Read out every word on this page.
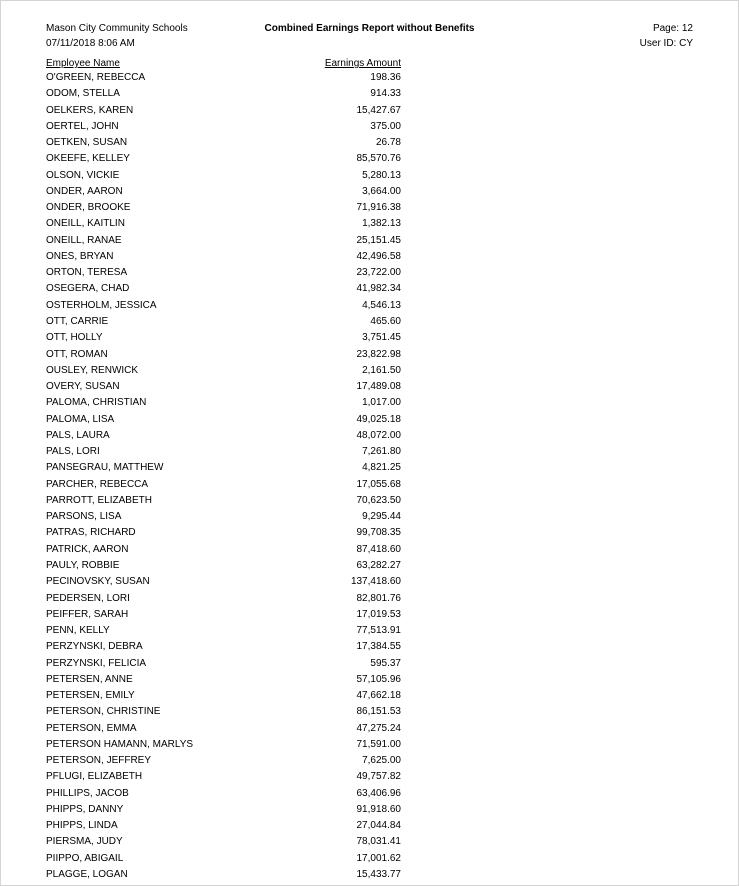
Mason City Community Schools
07/11/2018 8:06 AM
Combined Earnings Report without Benefits	Page: 12
User ID: CY
Employee Name	Earnings Amount
O'GREEN, REBECCA	198.36
ODOM, STELLA	914.33
OELKERS, KAREN	15,427.67
OERTEL, JOHN	375.00
OETKEN, SUSAN	26.78
OKEEFE, KELLEY	85,570.76
OLSON, VICKIE	5,280.13
ONDER, AARON	3,664.00
ONDER, BROOKE	71,916.38
ONEILL, KAITLIN	1,382.13
ONEILL, RANAE	25,151.45
ONES, BRYAN	42,496.58
ORTON, TERESA	23,722.00
OSEGERA, CHAD	41,982.34
OSTERHOLM, JESSICA	4,546.13
OTT, CARRIE	465.60
OTT, HOLLY	3,751.45
OTT, ROMAN	23,822.98
OUSLEY, RENWICK	2,161.50
OVERY, SUSAN	17,489.08
PALOMA, CHRISTIAN	1,017.00
PALOMA, LISA	49,025.18
PALS, LAURA	48,072.00
PALS, LORI	7,261.80
PANSEGRAU, MATTHEW	4,821.25
PARCHER, REBECCA	17,055.68
PARROTT, ELIZABETH	70,623.50
PARSONS, LISA	9,295.44
PATRAS, RICHARD	99,708.35
PATRICK, AARON	87,418.60
PAULY, ROBBIE	63,282.27
PECINOVSKY, SUSAN	137,418.60
PEDERSEN, LORI	82,801.76
PEIFFER, SARAH	17,019.53
PENN, KELLY	77,513.91
PERZYNSKI, DEBRA	17,384.55
PERZYNSKI, FELICIA	595.37
PETERSEN, ANNE	57,105.96
PETERSEN, EMILY	47,662.18
PETERSON, CHRISTINE	86,151.53
PETERSON, EMMA	47,275.24
PETERSON HAMANN, MARLYS	71,591.00
PETERSON, JEFFREY	7,625.00
PFLUGI, ELIZABETH	49,757.82
PHILLIPS, JACOB	63,406.96
PHIPPS, DANNY	91,918.60
PHIPPS, LINDA	27,044.84
PIERSMA, JUDY	78,031.41
PIIPPO, ABIGAIL	17,001.62
PLAGGE, LOGAN	15,433.77
